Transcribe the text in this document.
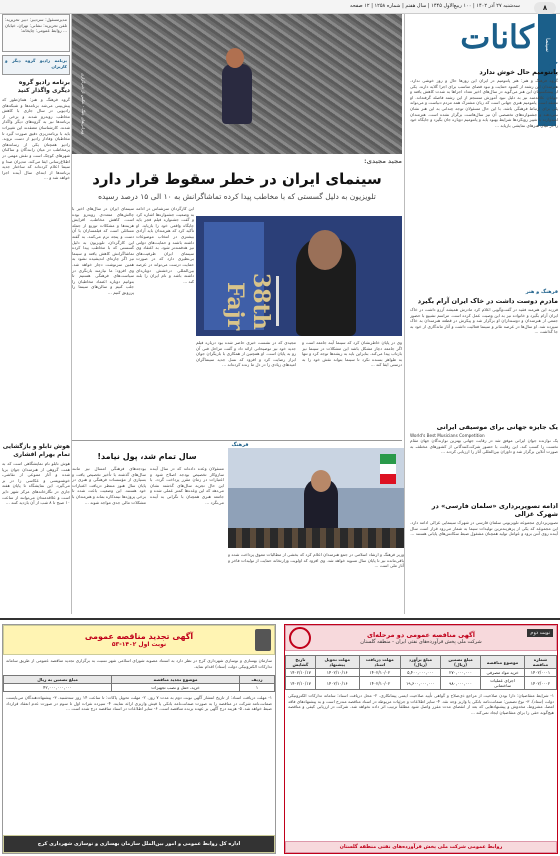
سه‌شنبه ۲۷ آذر ۱۴۰۲ | ۱۰۰ ربیع‌الاول ۱۴۴۵ | سال هفتم | شماره ۱۲۵۸ | ۱۲ صفحه	۸
سینما
کانات
مدیرمسئول: سردبیر: دبیر تحریریه: تلفن تحریریه: نشانی: تهران، خیابان ... روابط عمومی: چاپخانه:
برنامه رادیو گروه دیگر و کاربران
برنامه رادیو گروه دیگری واگذار کنید
گروه فرهنگ و هنر: همان‌طور که پیش‌بینی می‌شد برنامه‌ها و شبکه‌های رادیویی در سال جاری با کاهش مخاطب روبه‌رو شدند و برخی از برنامه‌ها نیز به گروه‌های دیگر واگذار شدند. کارشناسان معتقدند این تغییرات باید با برنامه‌ریزی دقیق صورت گیرد تا مخاطبان وفادار رادیو از دست نروند. رادیو همچنان یکی از رسانه‌های پرمخاطب در میان رانندگان و ساکنان شهرهای کوچک است و نقش مهمی در اطلاع‌رسانی ایفا می‌کند. مدیران صدا و سیما اعلام کرده‌اند که ساختار جدید برنامه‌ها از ابتدای سال آینده اجرا خواهد شد و ...
هوش تابلو و بازگشایی تمام بهرام افشاری
هوش تابلو نام نمایشگاهی است که به همت گروهی از هنرمندان جوان برپا شده و آثار متنوعی از نقاشی، خوشنویسی و عکاسی را در بر می‌گیرد. این نمایشگاه تا پایان هفته جاری در نگارخانه‌های مرکز شهر دایر است و علاقه‌مندان می‌توانند از ساعت ۱۰ صبح تا ۸ شب از آن بازدید کنند ...
ویرانی‌های جنگ - عکس از خبرگزاری
مجید مجیدی:
سینمای ایران در خطر سقوط قرار دارد
تلویزیون به دلیل گسستی که با مخاطب پیدا کرده تماشاگرانش به ۱۰ الی ۱۵ درصد رسیده
سینمای ایران در سال‌های اخیر با چالش‌های متعددی روبه‌رو بوده است. کاهش مخاطب، افزایش هزینه‌ها و مشکلات توزیع از جمله مسائلی است که فیلمسازان با آن دست و پنجه نرم می‌کنند. به گفته این کارگردان، تلویزیون به دلیل گسستی که با مخاطب پیدا کرده تماشاگرانش کاهش یافته و سینما نیز اگر چاره‌ای اندیشیده نشود به همین سرنوشت دچار خواهد شد. وی افزود: ما نیازمند بازنگری در سیاست‌های فرهنگی هستیم تا بتوانیم دوباره اعتماد مخاطبان را جلب کنیم و سالن‌های سینما را پررونق کنیم ...
این کارگردان سرشناس در ادامه به وضعیت جشنواره‌ها اشاره کرد و گفت جشنواره فیلم فجر باید جایگاه واقعی خود را بازیابد. او تأکید کرد که هنرمندان باید آزادی بیشتری در انتخاب موضوعات داشته باشند و حمایت‌های دولتی نیز هدفمندتر شود. به اعتقاد وی سینمای ایران ظرفیت‌های بی‌نظیری دارد که در صورت حمایت درست می‌تواند در عرصه بین‌المللی درخشش دوباره‌ای داشته باشد و نام ایران را بلند کند ...	38th Fajr
مجیدی که در نشست خبری حاضر شده بود درباره فیلم جدید خود نیز توضیحاتی ارائه داد و گفت مراحل فنی آن رو به پایان است. او همچنین از همکاری با بازیگران جوان ابراز رضایت کرد و افزود که نسل جدید سینماگران امیدهای زیادی را در دل ما زنده کرده‌اند ...
وی در پایان خاطرنشان کرد که سینما آینه جامعه است و اگر جامعه دچار مشکل باشد این مشکلات در سینما نیز بازتاب پیدا می‌کند. بنابراین باید به ریشه‌ها توجه کرد و تنها به ظواهر بسنده نکرد تا سینما بتواند نقش خود را به درستی ایفا کند ...
فرهنگ
سال تمام شد، پول نیامد!
بودجه‌های فرهنگی امسال نیز مانند سال‌های گذشته با تأخیر تخصیص یافت و بسیاری از مؤسسات فرهنگی و هنری در پایان سال هنوز منتظر دریافت اعتبارات خود هستند. این وضعیت باعث شده تا برخی پروژه‌ها نیمه‌کاره بماند و هنرمندان با مشکلات مالی جدی مواجه شوند ...
مسئولان وعده داده‌اند که در سال آینده سازوکار تخصیص بودجه اصلاح شود و اعتبارات در زمان مقرر پرداخت گردد. با این حال تجربه سال‌های گذشته نشان می‌دهد که این وعده‌ها کمتر عملی شده و جامعه هنری همچنان با نگرانی به آینده می‌نگرد ...
وزیر فرهنگ و ارشاد اسلامی در جمع هنرمندان اعلام کرد که بخشی از مطالبات معوق پرداخت شده و باقی‌مانده نیز تا پایان سال تسویه خواهد شد. وی افزود که اولویت وزارتخانه حمایت از تولیدات فاخر و آثار ملی است ...
خبر
پانتومیم حال خوش ندارد
گروه فرهنگ و هنر: هنر پانتومیم در ایران این روزها حال و روز خوشی ندارد. هنرمندان این رشته از کمبود حمایت و نبود فضای مناسب برای اجرا گلایه دارند. یکی از پیشکسوتان این هنر می‌گوید در سال‌های اخیر تعداد اجراها به شدت کاهش یافته و جوانان علاقه‌مند نیز به دلیل نبود آموزش منسجم از این رشته فاصله گرفته‌اند. او معتقد است پانتومیم هنری جهانی است که زبان مشترک همه مردم دنیاست و می‌تواند پلی برای ارتباط فرهنگی باشد. با این حال مسئولان توجه چندانی به این هنر نشان نمی‌دهند و جشنواره‌های تخصصی آن نیز سال‌هاست برگزار نشده است. هنرمندان امیدوارند با تغییر رویکردها شرایط بهبود یابد و پانتومیم دوباره جان بگیرد و جایگاه خود را در میان هنرهای نمایشی بازیابد ...
فرهنگ و هنر
مادرم دوست داشت در خاک ایران آرام بگیرد
فرزند این هنرمند فقید در گفت‌وگویی اعلام کرد مادرش همیشه آرزو داشت در خاک ایران آرام بگیرد و خانواده نیز به این وصیت عمل کرده است. مراسم تشییع با حضور جمعی از هنرمندان و دوستداران او برگزار شد و پیکرش در قطعه هنرمندان به خاک سپرده شد. او سال‌ها در عرصه تئاتر و سینما فعالیت داشت و آثار ماندگاری از خود به جا گذاشت ...
یک جایزه جهانی برای موسیقی ایرانی
World's Best Musicians Competition
یک نوازنده جوان ایرانی موفق شد در رقابت جهانی بهترین نوازندگان جهان مقام نخست را کسب کند. این رقابت با حضور شرکت‌کنندگانی از کشورهای مختلف به صورت آنلاین برگزار شد و داوران بین‌المللی آثار را ارزیابی کردند ...
ادامه تصویربرداری «سلمان فارسی» در شهرک غزالی
تصویربرداری مجموعه تلویزیونی سلمان فارسی در شهرک سینمایی غزالی ادامه دارد. این مجموعه که یکی از پرهزینه‌ترین تولیدات سیما به شمار می‌رود قرار است سال آینده روی آنتن برود و عوامل تولید همچنان مشغول ضبط سکانس‌های پایانی هستند ...
آگهی مناقصه عمومی دو مرحله‌ای
شرکت ملی پخش فرآورده‌های نفتی ایران - منطقه گلستان
نوبت دوم
شماره مناقصه	موضوع مناقصه	مبلغ تضمین (ریال)	مبلغ برآورد (ریال)	مهلت دریافت اسناد	مهلت تحویل پیشنهاد	تاریخ گشایش
۱۴۰۲/۰۰۰۱	خرید مواد مصرفی	۲۷۰,۰۰۰,۰۰۰	۵,۴۰۰,۰۰۰,۰۰۰	۱۴۰۲/۱۰/۰۲	۱۴۰۲/۱۰/۱۶	۱۴۰۲/۱۰/۱۷
۱۴۰۲/۰۰۰۲	اجرای عملیات ساختمانی	۹۸۰,۰۰۰,۰۰۰	۱۹,۶۰۰,۰۰۰,۰۰۰	۱۴۰۲/۱۰/۰۲	۱۴۰۲/۱۰/۱۶	۱۴۰۲/۱۰/۱۷
۱- شرایط متقاضیان: دارا بودن صلاحیت از مراجع ذی‌صلاح و گواهی تأیید صلاحیت ایمنی پیمانکاری. ۲- محل دریافت اسناد: سامانه تدارکات الکترونیکی دولت (ستاد). ۳- نوع تضمین: ضمانت‌نامه بانکی یا واریز وجه نقد. ۴- سایر اطلاعات و جزئیات مربوطه در اسناد مناقصه مندرج است و به پیشنهادهای فاقد امضا، مشروط، مخدوش و پیشنهادهایی که بعد از انقضای مدت مقرر واصل شود مطلقاً ترتیب اثر داده نخواهد شد. شرکت در ارزیابی کیفی و مناقصه هیچ‌گونه حقی را برای متقاضیان ایجاد نمی‌کند ...
روابط عمومی شرکت ملی پخش فرآورده‌های نفتی منطقه گلستان
آگهی تجدید مناقصه عمومی
نوبت اول ۱۴۰۲-۵۳
سازمان بهسازی و نوسازی شهرداری کرج در نظر دارد به استناد مصوبه شورای اسلامی شهر نسبت به برگزاری تجدید مناقصه عمومی از طریق سامانه تدارکات الکترونیکی دولت (ستاد) اقدام نماید.
ردیف	موضوع تجدید مناقصه	مبلغ تضمین به ریال
۱	خرید، حمل و نصب تجهیزات	۴۲,۰۰۰,۰۰۰,۰۰۰
۱- مهلت دریافت اسناد: از تاریخ انتشار آگهی نوبت دوم به مدت ۷ روز. ۲- مهلت تحویل پاکات: تا ساعت ۱۴ روز سه‌شنبه. ۳- پیشنهاددهندگان می‌بایست ضمانت‌نامه شرکت در مناقصه را به صورت ضمانت‌نامه بانکی یا فیش واریزی ارائه نمایند. ۴- سپرده نفرات اول تا سوم در صورت عدم انعقاد قرارداد ضبط خواهد شد. ۵- هزینه درج آگهی بر عهده برنده مناقصه است. ۶- سایر اطلاعات در اسناد مناقصه درج شده است ...
اداره کل روابط عمومی و امور بین‌الملل سازمان بهسازی و نوسازی شهرداری کرج
